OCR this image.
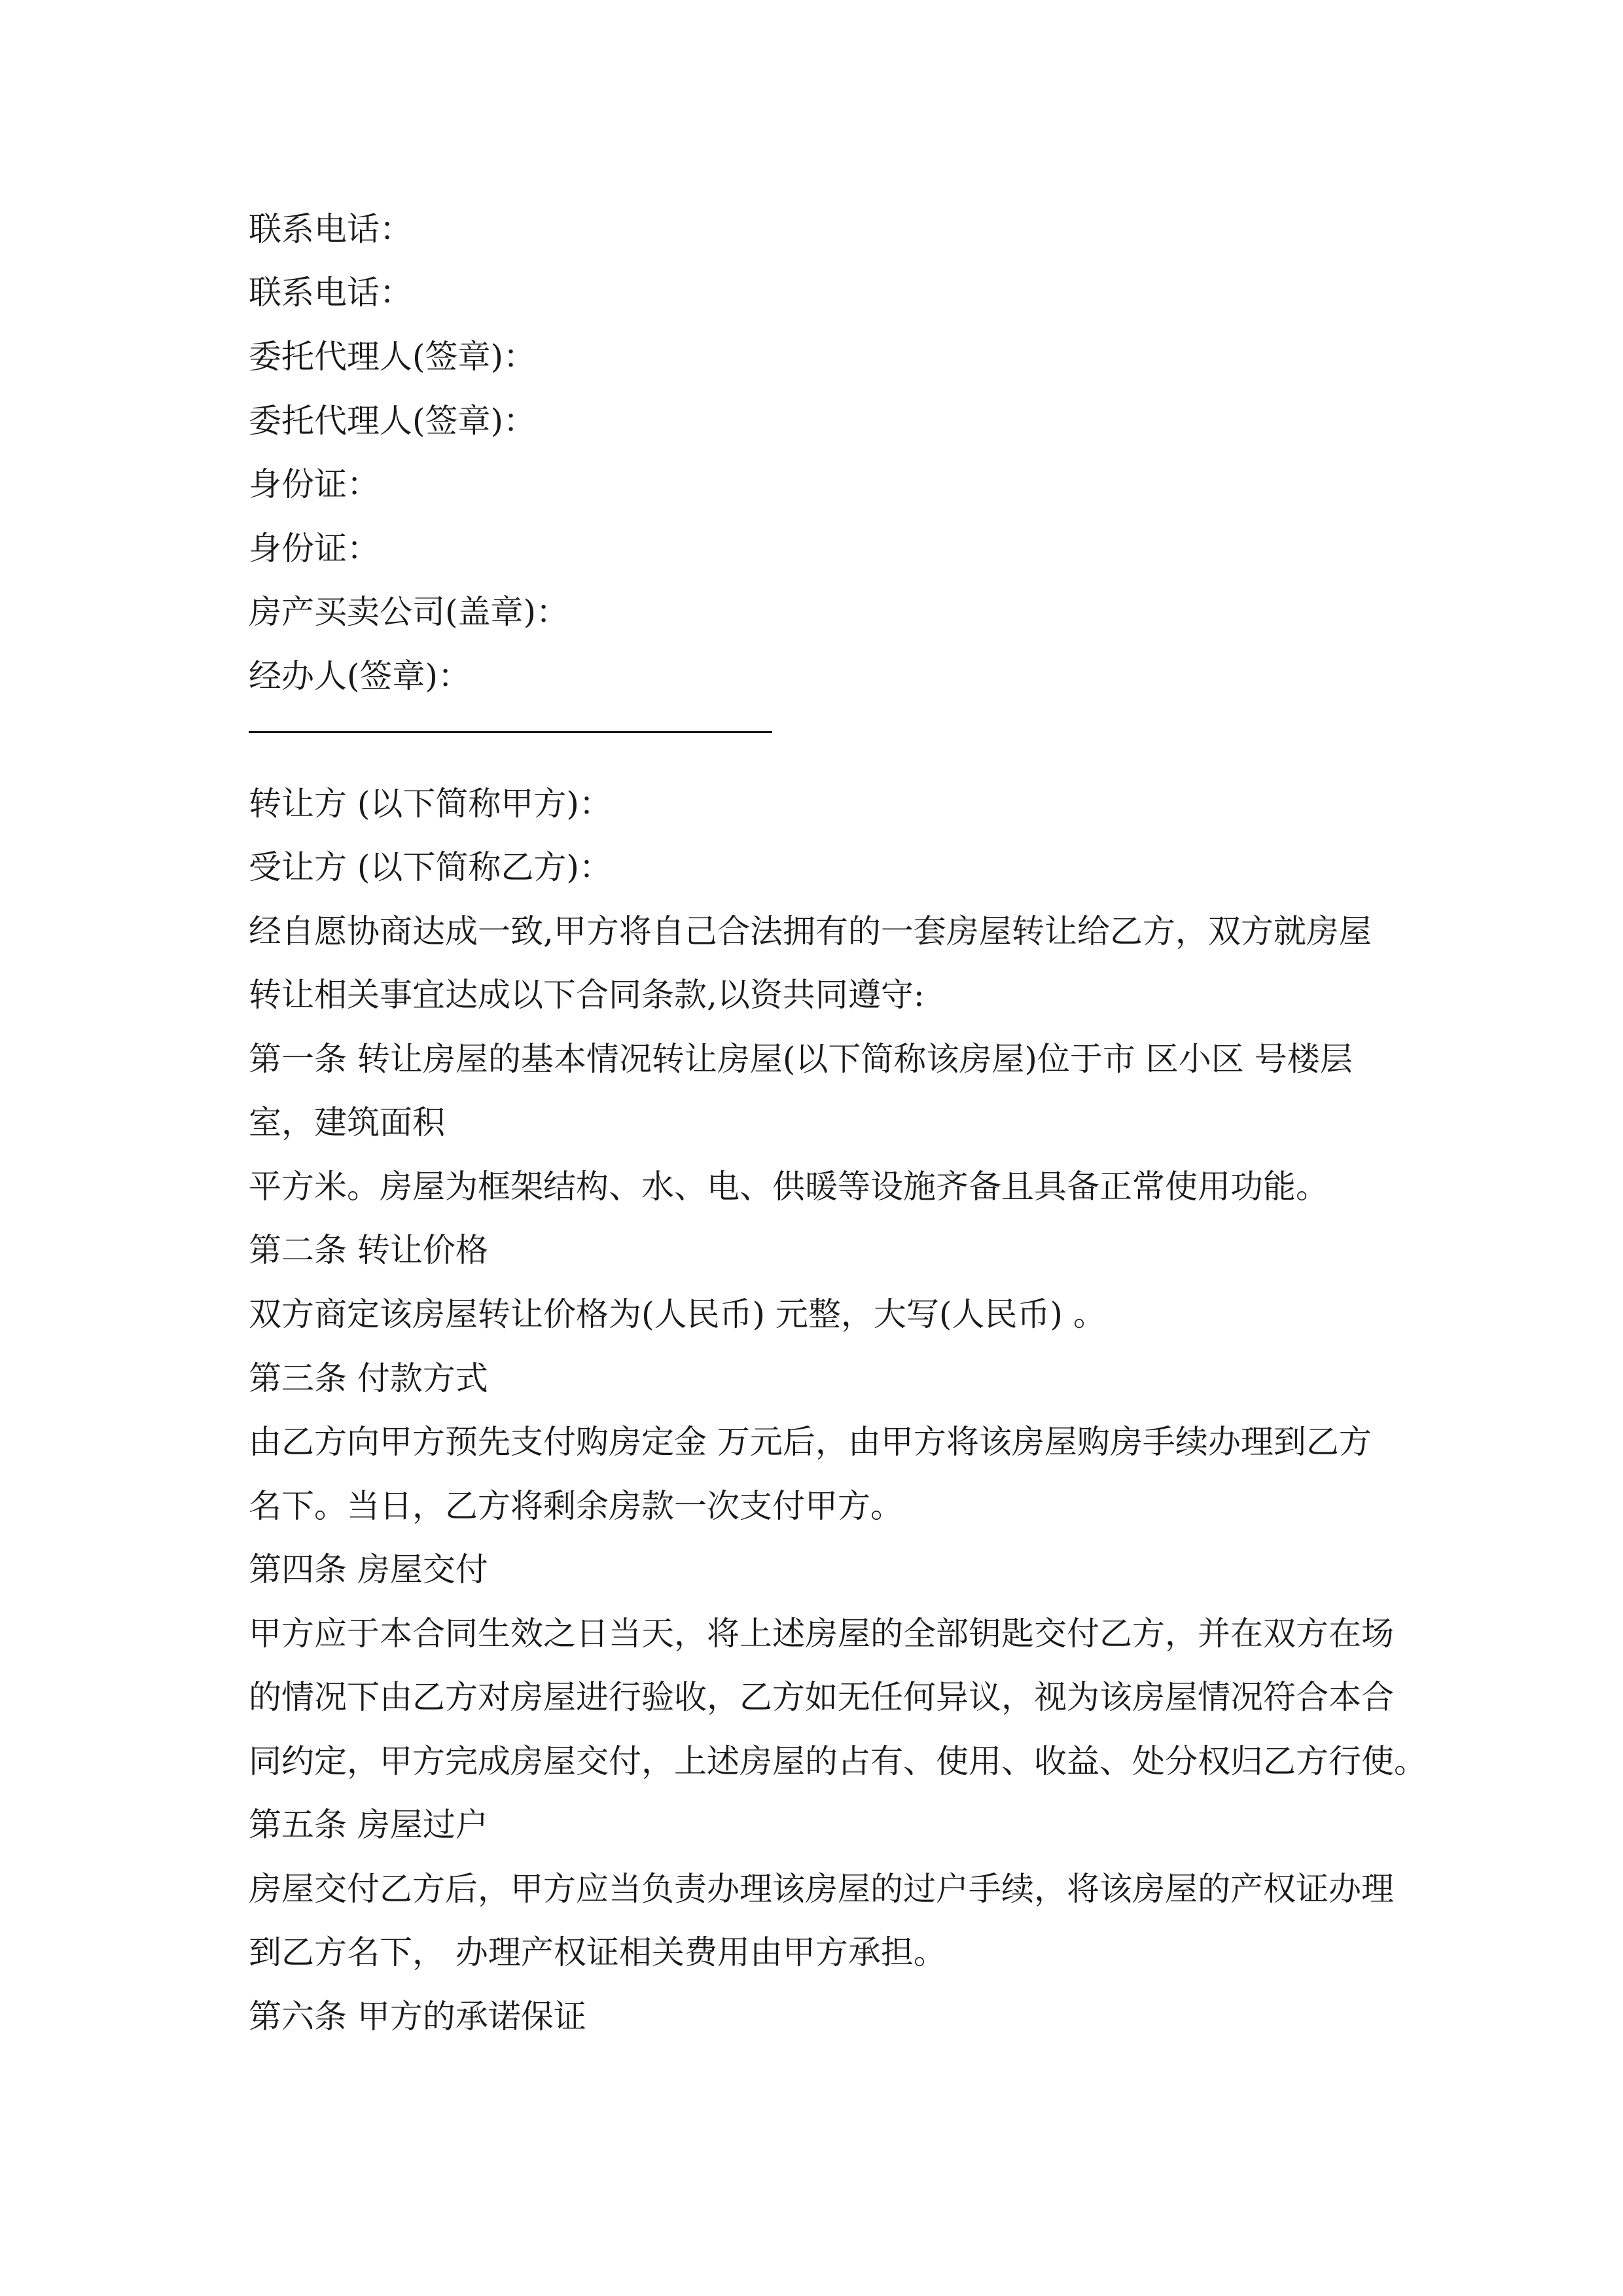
联系电话：
联系电话：
委托代理人(签章)：
委托代理人(签章)：
身份证：
身份证：
房产买卖公司(盖章)：
经办人(签章)：
转让方 (以下简称甲方)：
受让方 (以下简称乙方)：
经自愿协商达成一致,甲方将自己合法拥有的一套房屋转让给乙方，双方就房屋
转让相关事宜达成以下合同条款,以资共同遵守:
第一条 转让房屋的基本情况转让房屋(以下简称该房屋)位于市 区小区 号楼层
室，建筑面积
平方米。房屋为框架结构、水、电、供暖等设施齐备且具备正常使用功能。
第二条 转让价格
双方商定该房屋转让价格为(人民币) 元整，大写(人民币) 。
第三条 付款方式
由乙方向甲方预先支付购房定金 万元后，由甲方将该房屋购房手续办理到乙方
名下。当日，乙方将剩余房款一次支付甲方。
第四条 房屋交付
甲方应于本合同生效之日当天，将上述房屋的全部钥匙交付乙方，并在双方在场
的情况下由乙方对房屋进行验收，乙方如无任何异议，视为该房屋情况符合本合
同约定，甲方完成房屋交付，上述房屋的占有、使用、收益、处分权归乙方行使。
第五条 房屋过户
房屋交付乙方后，甲方应当负责办理该房屋的过户手续，将该房屋的产权证办理
到乙方名下， 办理产权证相关费用由甲方承担。
第六条 甲方的承诺保证
